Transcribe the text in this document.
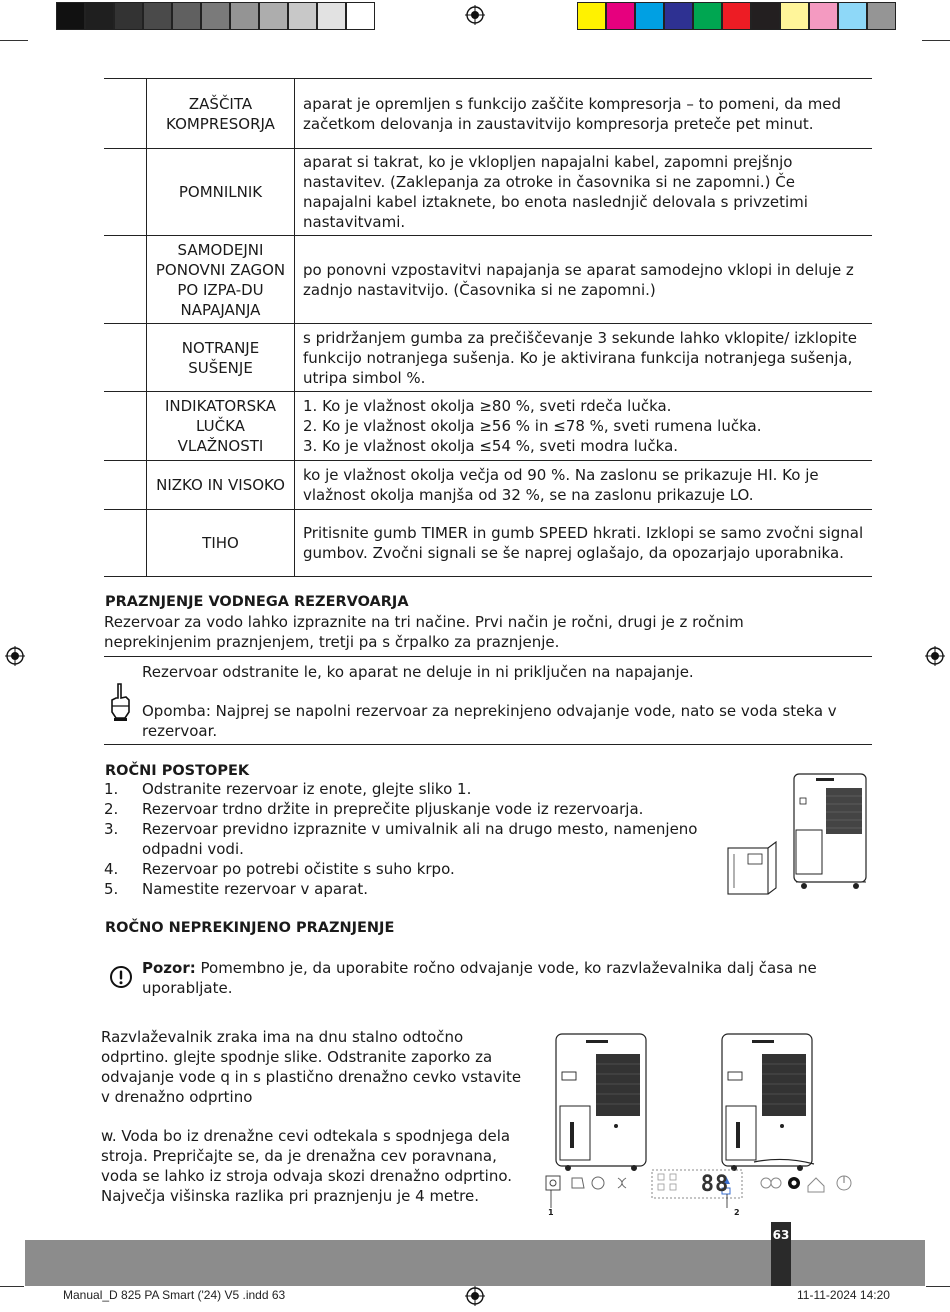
	ZAŠČITA KOMPRESORJA	aparat je opremljen s funkcijo zaščite kompresorja – to pomeni, da med začetkom delovanja in zaustavitvijo kompresorja preteče pet minut.
	POMNILNIK	aparat si takrat, ko je vklopljen napajalni kabel, zapomni prejšnjo nastavitev. (Zaklepanja za otroke in časovnika si ne zapomni.) Če napajalni kabel iztaknete, bo enota naslednjič delovala s privzetimi nastavitvami.
	SAMODEJNI PONOVNI ZAGON PO IZPA-DU NAPAJANJA	po ponovni vzpostavitvi napajanja se aparat samodejno vklopi in deluje z zadnjo nastavitvijo. (Časovnika si ne zapomni.)
	NOTRANJE SUŠENJE	s pridržanjem gumba za prečiščevanje 3 sekunde lahko vklopite/ izklopite funkcijo notranjega sušenja. Ko je aktivirana funkcija notranjega sušenja, utripa simbol %.
	INDIKATORSKA LUČKA VLAŽNOSTI	1. Ko je vlažnost okolja ≥80 %, sveti rdeča lučka.
2. Ko je vlažnost okolja ≥56 % in ≤78 %, sveti rumena lučka.
3. Ko je vlažnost okolja ≤54 %, sveti modra lučka.

	NIZKO IN VISOKO	ko je vlažnost okolja večja od 90 %. Na zaslonu se prikazuje HI. Ko je vlažnost okolja manjša od 32 %, se na zaslonu prikazuje LO.
	TIHO	Pritisnite gumb TIMER in gumb SPEED hkrati. Izklopi se samo zvočni signal gumbov. Zvočni signali se še naprej oglašajo, da opozarjajo uporabnika.
PRAZNJENJE VODNEGA REZERVOARJA
Rezervoar za vodo lahko izpraznite na tri načine. Prvi način je ročni, drugi je z ročnim neprekinjenim praznjenjem, tretji pa s črpalko za praznjenje.
Rezervoar odstranite le, ko aparat ne deluje in ni priključen na napajanje.
Opomba: Najprej se napolni rezervoar za neprekinjeno odvajanje vode, nato se voda steka v rezervoar.
ROČNI POSTOPEK
1. Odstranite rezervoar iz enote, glejte sliko 1.
2. Rezervoar trdno držite in preprečite pljuskanje vode iz rezervoarja.
3. Rezervoar previdno izpraznite v umivalnik ali na drugo mesto, namenjeno odpadni vodi.
4. Rezervoar po potrebi očistite s suho krpo.
5. Namestite rezervoar v aparat.
ROČNO NEPREKINJENO PRAZNJENJE
Pozor: Pomembno je, da uporabite ročno odvajanje vode, ko razvlaževalnika dalj časa ne uporabljate.
Razvlaževalnik zraka ima na dnu stalno odtočno odprtino. glejte spodnje slike. Odstranite zaporko za odvajanje vode q in s plastično drenažno cevko vstavite v drenažno odprtino
w. Voda bo iz drenažne cevi odtekala s spodnjega dela stroja. Prepričajte se, da je drenažna cev poravnana, voda se lahko iz stroja odvaja skozi drenažno odprtino. Največja višinska razlika pri praznjenju je 4 metre.	88
1	2
63
Manual_D 825 PA Smart ('24) V5 .indd 63	11-11-2024 14:20
